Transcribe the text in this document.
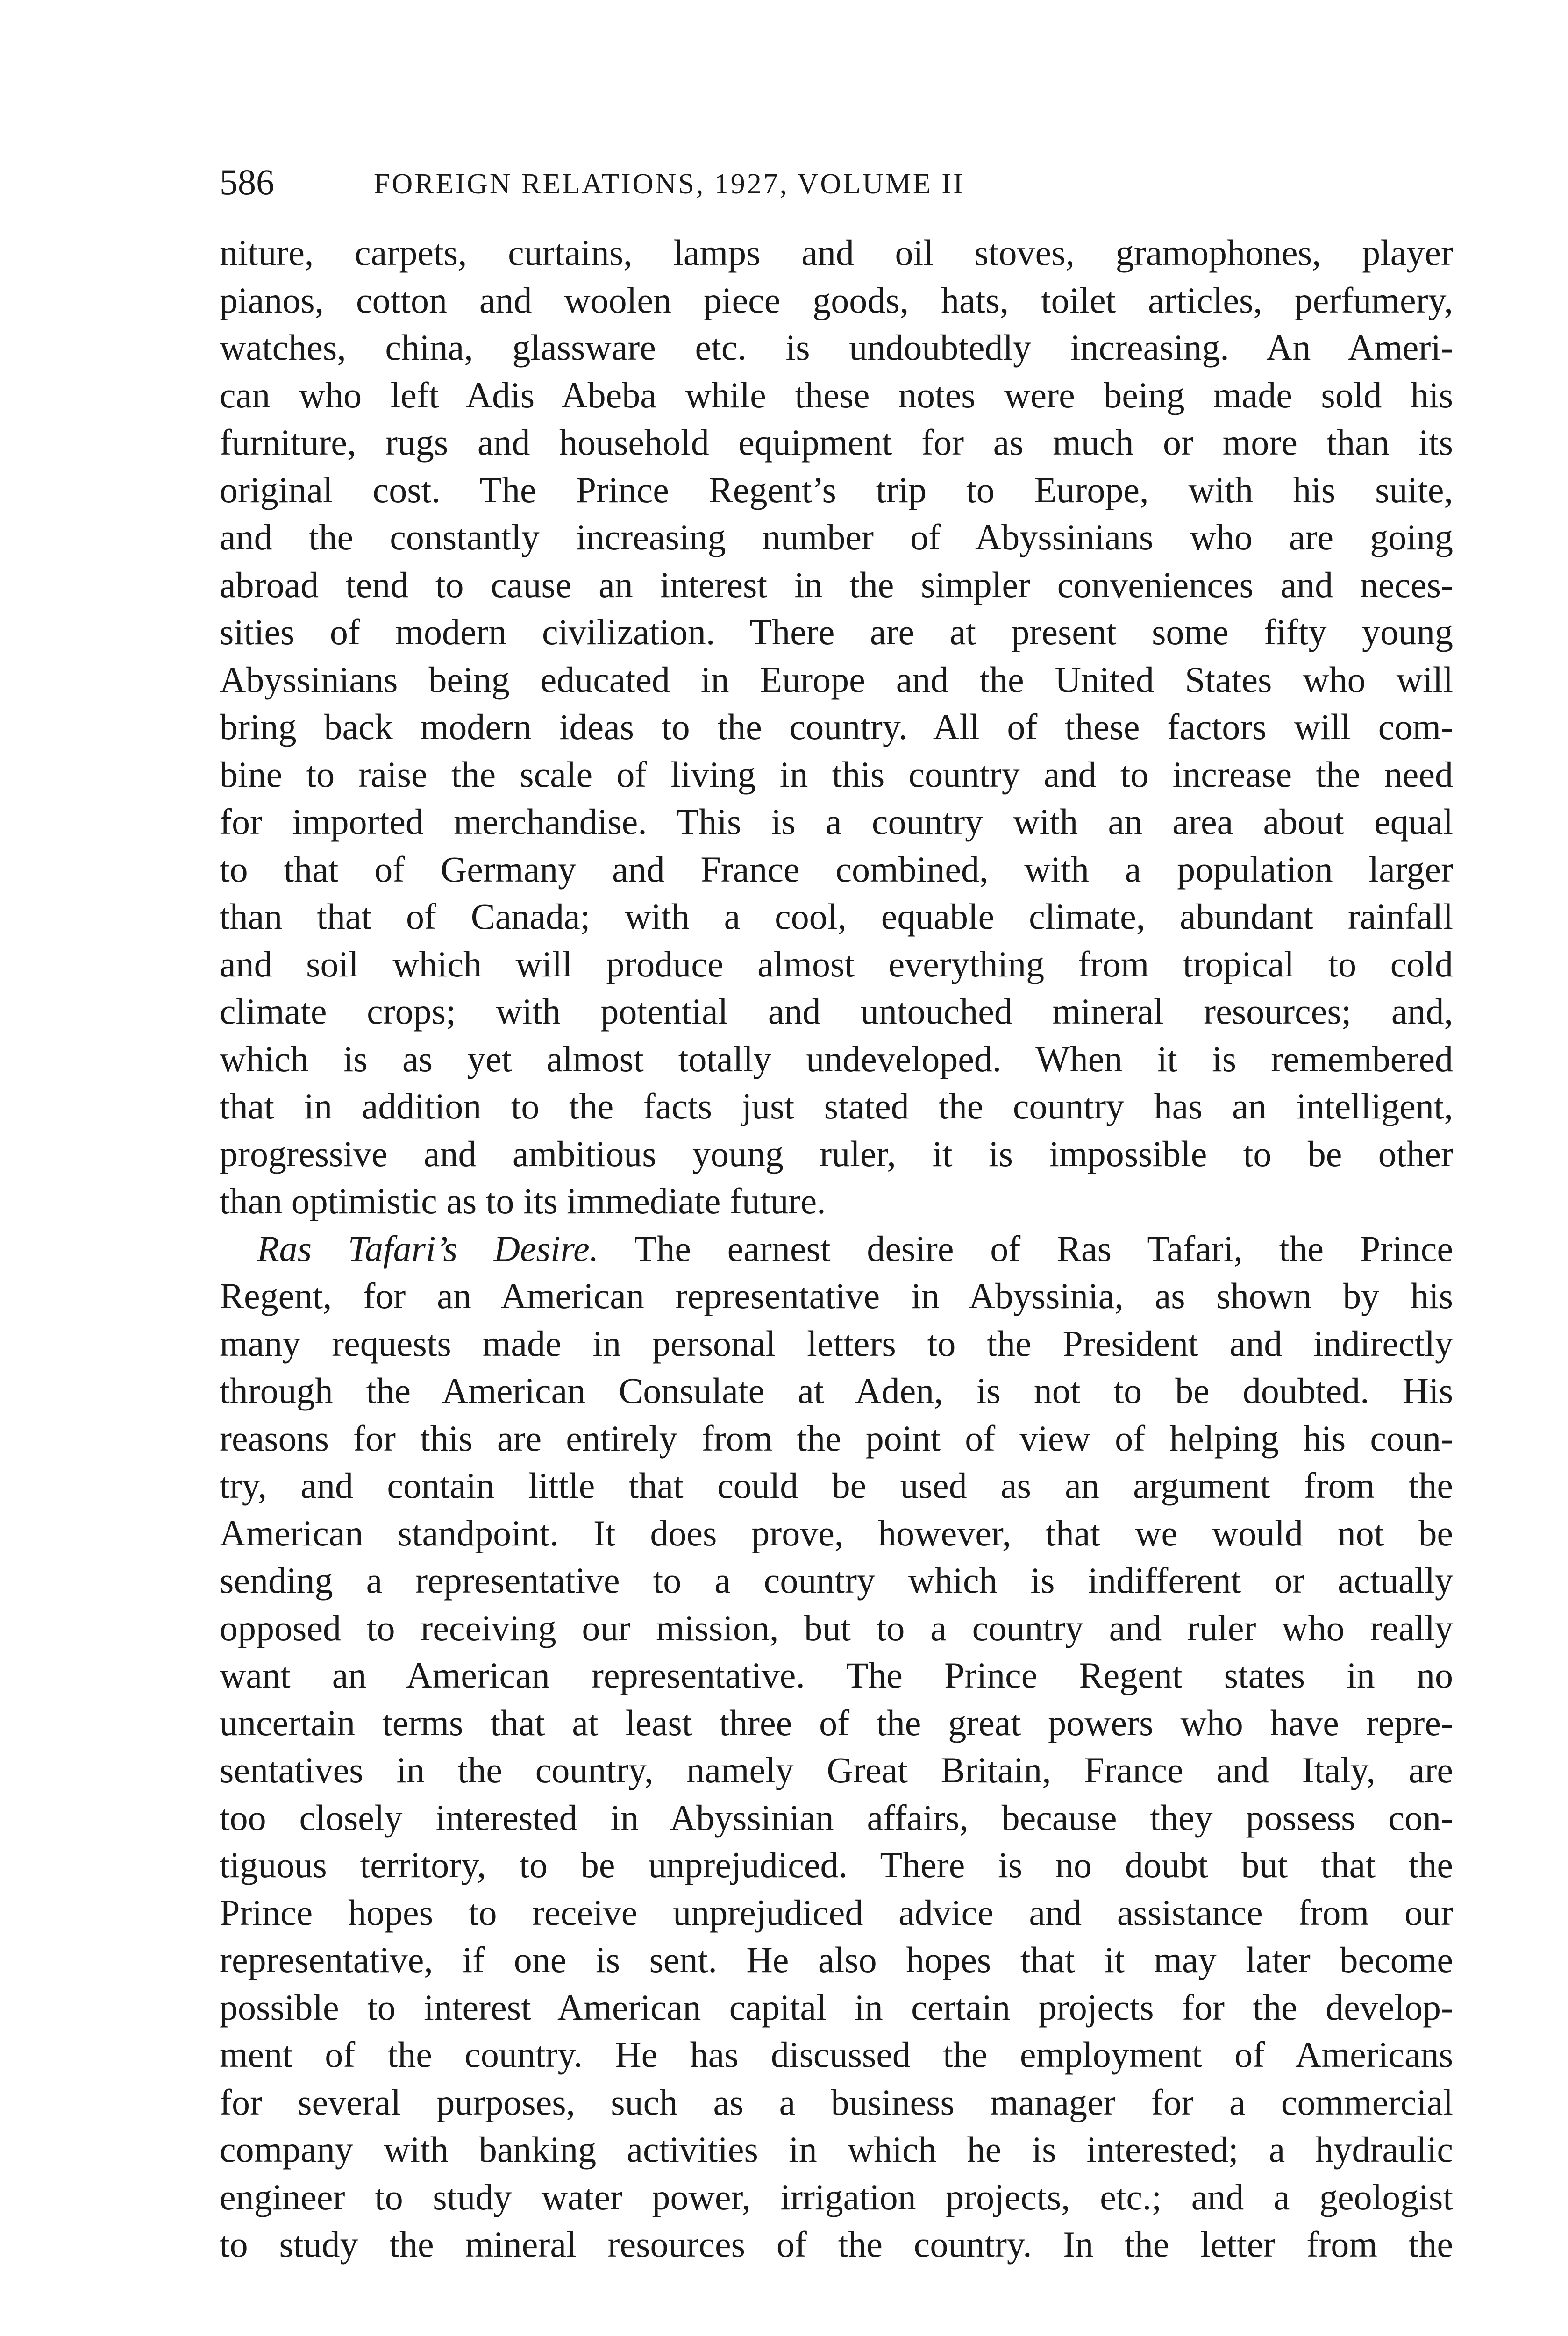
586	FOREIGN RELATIONS, 1927, VOLUME II
niture, carpets, curtains, lamps and oil stoves, gramophones, player
pianos, cotton and woolen piece goods, hats, toilet articles, perfumery,
watches, china, glassware etc. is undoubtedly increasing. An Ameri-
can who left Adis Abeba while these notes were being made sold his
furniture, rugs and household equipment for as much or more than its
original cost. The Prince Regent’s trip to Europe, with his suite,
and the constantly increasing number of Abyssinians who are going
abroad tend to cause an interest in the simpler conveniences and neces-
sities of modern civilization. There are at present some fifty young
Abyssinians being educated in Europe and the United States who will
bring back modern ideas to the country. All of these factors will com-
bine to raise the scale of living in this country and to increase the need
for imported merchandise. This is a country with an area about equal
to that of Germany and France combined, with a population larger
than that of Canada; with a cool, equable climate, abundant rainfall
and soil which will produce almost everything from tropical to cold
climate crops; with potential and untouched mineral resources; and,
which is as yet almost totally undeveloped. When it is remembered
that in addition to the facts just stated the country has an intelligent,
progressive and ambitious young ruler, it is impossible to be other
than optimistic as to its immediate future.
Ras Tafari’s Desire. The earnest desire of Ras Tafari, the Prince
Regent, for an American representative in Abyssinia, as shown by his
many requests made in personal letters to the President and indirectly
through the American Consulate at Aden, is not to be doubted. His
reasons for this are entirely from the point of view of helping his coun-
try, and contain little that could be used as an argument from the
American standpoint. It does prove, however, that we would not be
sending a representative to a country which is indifferent or actually
opposed to receiving our mission, but to a country and ruler who really
want an American representative. The Prince Regent states in no
uncertain terms that at least three of the great powers who have repre-
sentatives in the country, namely Great Britain, France and Italy, are
too closely interested in Abyssinian affairs, because they possess con-
tiguous territory, to be unprejudiced. There is no doubt but that the
Prince hopes to receive unprejudiced advice and assistance from our
representative, if one is sent. He also hopes that it may later become
possible to interest American capital in certain projects for the develop-
ment of the country. He has discussed the employment of Americans
for several purposes, such as a business manager for a commercial
company with banking activities in which he is interested; a hydraulic
engineer to study water power, irrigation projects, etc.; and a geologist
to study the mineral resources of the country. In the letter from the
